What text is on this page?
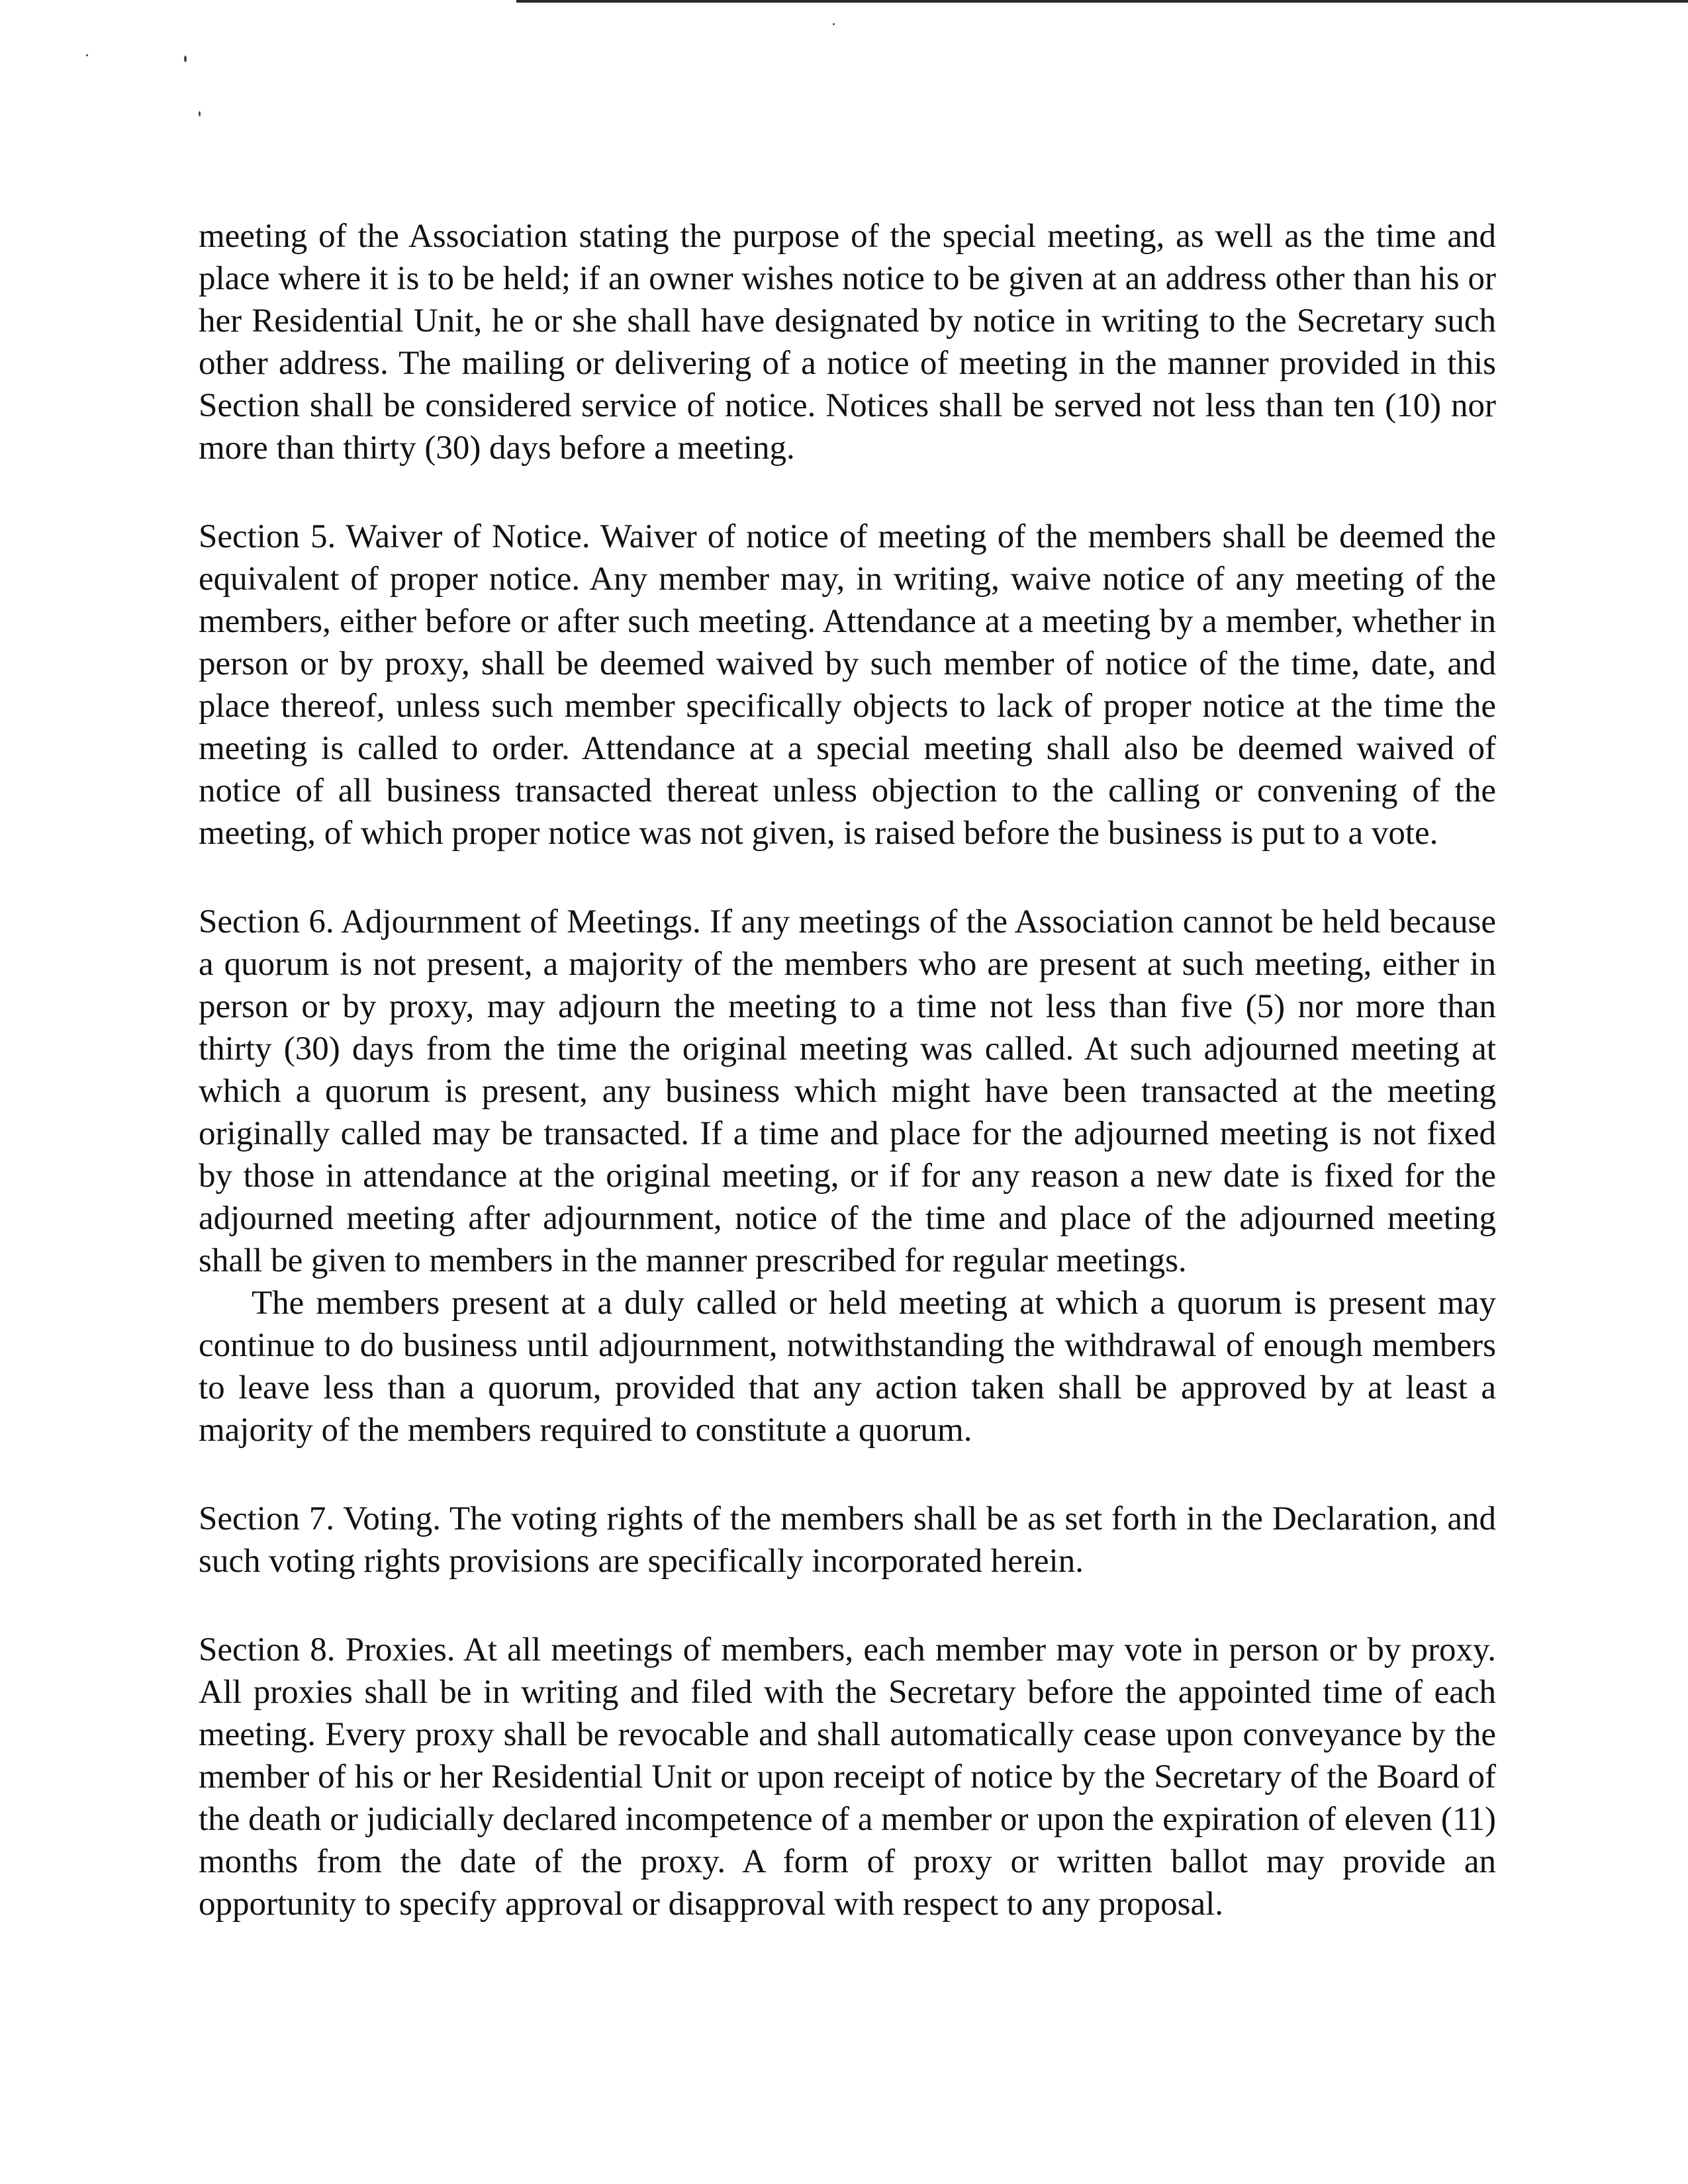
meeting of the Association stating the purpose of the special meeting, as well as the time and place where it is to be held; if an owner wishes notice to be given at an address other than his or her Residential Unit, he or she shall have designated by notice in writing to the Secretary such other address. The mailing or delivering of a notice of meeting in the manner provided in this Section shall be considered service of notice. Notices shall be served not less than ten (10) nor more than thirty (30) days before a meeting.

Section 5. Waiver of Notice. Waiver of notice of meeting of the members shall be deemed the equivalent of proper notice. Any member may, in writing, waive notice of any meeting of the members, either before or after such meeting. Attendance at a meeting by a member, whether in person or by proxy, shall be deemed waived by such member of notice of the time, date, and place thereof, unless such member specifically objects to lack of proper notice at the time the meeting is called to order. Attendance at a special meeting shall also be deemed waived of notice of all business transacted thereat unless objection to the calling or convening of the meeting, of which proper notice was not given, is raised before the business is put to a vote.

Section 6. Adjournment of Meetings. If any meetings of the Association cannot be held because a quorum is not present, a majority of the members who are present at such meeting, either in person or by proxy, may adjourn the meeting to a time not less than five (5) nor more than thirty (30) days from the time the original meeting was called. At such adjourned meeting at which a quorum is present, any business which might have been transacted at the meeting originally called may be transacted. If a time and place for the adjourned meeting is not fixed by those in attendance at the original meeting, or if for any reason a new date is fixed for the adjourned meeting after adjournment, notice of the time and place of the adjourned meeting shall be given to members in the manner prescribed for regular meetings.

The members present at a duly called or held meeting at which a quorum is present may continue to do business until adjournment, notwithstanding the withdrawal of enough members to leave less than a quorum, provided that any action taken shall be approved by at least a majority of the members required to constitute a quorum.

Section 7. Voting. The voting rights of the members shall be as set forth in the Declaration, and such voting rights provisions are specifically incorporated herein.

Section 8. Proxies. At all meetings of members, each member may vote in person or by proxy. All proxies shall be in writing and filed with the Secretary before the appointed time of each meeting. Every proxy shall be revocable and shall automatically cease upon conveyance by the member of his or her Residential Unit or upon receipt of notice by the Secretary of the Board of the death or judicially declared incompetence of a member or upon the expiration of eleven (11) months from the date of the proxy. A form of proxy or written ballot may provide an opportunity to specify approval or disapproval with respect to any proposal.
